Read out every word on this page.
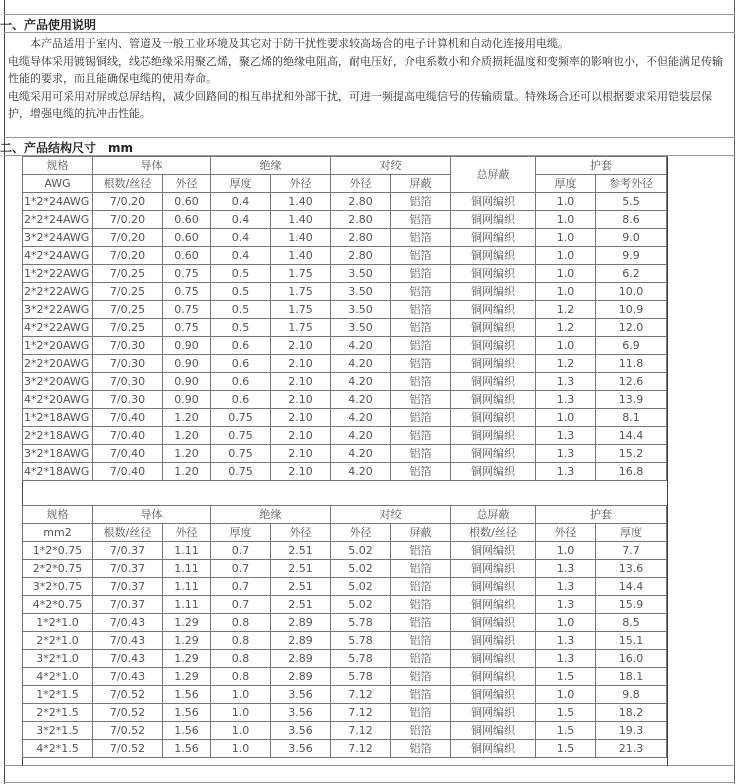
一、产品使用说明

本产品适用于室内、管道及一般工业环境及其它对于防干扰性要求较高场合的电子计算机和自动化连接用电缆。

电缆导体采用镀锡铜线，线芯绝缘采用聚乙烯，聚乙烯的绝缘电阻高，耐电压好，介电系数小和介质损耗温度和变频率的影响也小，不但能满足传输性能的要求，而且能确保电缆的使用寿命。

电缆采用可采用对屏或总屏结构，减少回路间的相互串扰和外部干扰，可进一频提高电缆信号的传输质量。特殊场合还可以根据要求采用铠装层保护，增强电缆的抗冲击性能。

二、产品结构尺寸 mm
规格	导体		绝缘		对绞		总屏蔽	护套	
AWG	根数/丝径	外径	厚度	外径	外径	屏蔽		厚度	参考外径
1*2*24AWG	7/0.20	0.60	0.4	1.40	2.80	铝箔	铜网编织	1.0	5.5
2*2*24AWG	7/0.20	0.60	0.4	1.40	2.80	铝箔	铜网编织	1.0	8.6
3*2*24AWG	7/0.20	0.60	0.4	1.40	2.80	铝箔	铜网编织	1.0	9.0
4*2*24AWG	7/0.20	0.60	0.4	1.40	2.80	铝箔	铜网编织	1.0	9.9
1*2*22AWG	7/0.25	0.75	0.5	1.75	3.50	铝箔	铜网编织	1.0	6.2
2*2*22AWG	7/0.25	0.75	0.5	1.75	3.50	铝箔	铜网编织	1.0	10.0
3*2*22AWG	7/0.25	0.75	0.5	1.75	3.50	铝箔	铜网编织	1.2	10.9
4*2*22AWG	7/0.25	0.75	0.5	1.75	3.50	铝箔	铜网编织	1.2	12.0
1*2*20AWG	7/0.30	0.90	0.6	2.10	4.20	铝箔	铜网编织	1.0	6.9
2*2*20AWG	7/0.30	0.90	0.6	2.10	4.20	铝箔	铜网编织	1.2	11.8
3*2*20AWG	7/0.30	0.90	0.6	2.10	4.20	铝箔	铜网编织	1.3	12.6
4*2*20AWG	7/0.30	0.90	0.6	2.10	4.20	铝箔	铜网编织	1.3	13.9
1*2*18AWG	7/0.40	1.20	0.75	2.10	4.20	铝箔	铜网编织	1.0	8.1
2*2*18AWG	7/0.40	1.20	0.75	2.10	4.20	铝箔	铜网编织	1.3	14.4
3*2*18AWG	7/0.40	1.20	0.75	2.10	4.20	铝箔	铜网编织	1.3	15.2
4*2*18AWG	7/0.40	1.20	0.75	2.10	4.20	铝箔	铜网编织	1.3	16.8
规格	导体		绝缘		对绞		总屏蔽	护套	
mm2	根数/丝径	外径	厚度	外径	外径	屏蔽	根数/丝径	外径	厚度
1*2*0.75	7/0.37	1.11	0.7	2.51	5.02	铝箔	铜网编织	1.0	7.7
2*2*0.75	7/0.37	1.11	0.7	2.51	5.02	铝箔	铜网编织	1.3	13.6
3*2*0.75	7/0.37	1.11	0.7	2.51	5.02	铝箔	铜网编织	1.3	14.4
4*2*0.75	7/0.37	1.11	0.7	2.51	5.02	铝箔	铜网编织	1.3	15.9
1*2*1.0	7/0.43	1.29	0.8	2.89	5.78	铝箔	铜网编织	1.0	8.5
2*2*1.0	7/0.43	1.29	0.8	2.89	5.78	铝箔	铜网编织	1.3	15.1
3*2*1.0	7/0.43	1.29	0.8	2.89	5.78	铝箔	铜网编织	1.3	16.0
4*2*1.0	7/0.43	1.29	0.8	2.89	5.78	铝箔	铜网编织	1.5	18.1
1*2*1.5	7/0.52	1.56	1.0	3.56	7.12	铝箔	铜网编织	1.0	9.8
2*2*1.5	7/0.52	1.56	1.0	3.56	7.12	铝箔	铜网编织	1.5	18.2
3*2*1.5	7/0.52	1.56	1.0	3.56	7.12	铝箔	铜网编织	1.5	19.3
4*2*1.5	7/0.52	1.56	1.0	3.56	7.12	铝箔	铜网编织	1.5	21.3
